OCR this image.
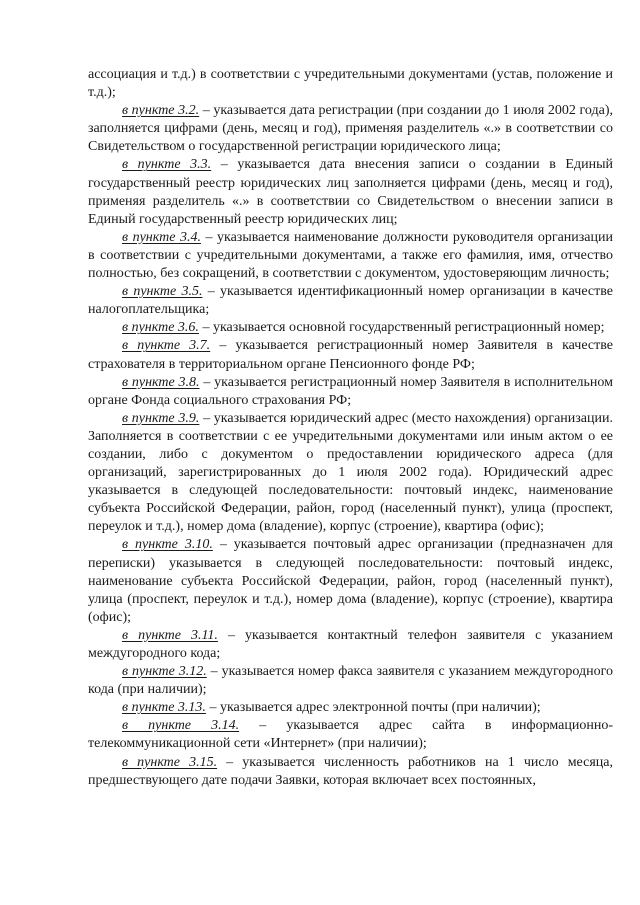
ассоциация и т.д.) в соответствии с учредительными документами (устав, положение и т.д.);

в пункте 3.2. – указывается дата регистрации (при создании до 1 июля 2002 года), заполняется цифрами (день, месяц и год), применяя разделитель «.» в соответствии со Свидетельством о государственной регистрации юридического лица;

в пункте 3.3. – указывается дата внесения записи о создании в Единый государственный реестр юридических лиц заполняется цифрами (день, месяц и год), применяя разделитель «.» в соответствии со Свидетельством о внесении записи в Единый государственный реестр юридических лиц;

в пункте 3.4. – указывается наименование должности руководителя организации в соответствии с учредительными документами, а также его фамилия, имя, отчество полностью, без сокращений, в соответствии с документом, удостоверяющим личность;

в пункте 3.5. – указывается идентификационный номер организации в качестве налогоплательщика;

в пункте 3.6. – указывается основной государственный регистрационный номер;

в пункте 3.7. – указывается регистрационный номер Заявителя в качестве страхователя в территориальном органе Пенсионного фонде РФ;

в пункте 3.8. – указывается регистрационный номер Заявителя в исполнительном органе Фонда социального страхования РФ;

в пункте 3.9. – указывается юридический адрес (место нахождения) организации. Заполняется в соответствии с ее учредительными документами или иным актом о ее создании, либо с документом о предоставлении юридического адреса (для организаций, зарегистрированных до 1 июля 2002 года). Юридический адрес указывается в следующей последовательности: почтовый индекс, наименование субъекта Российской Федерации, район, город (населенный пункт), улица (проспект, переулок и т.д.), номер дома (владение), корпус (строение), квартира (офис);

в пункте 3.10. – указывается почтовый адрес организации (предназначен для переписки) указывается в следующей последовательности: почтовый индекс, наименование субъекта Российской Федерации, район, город (населенный пункт), улица (проспект, переулок и т.д.), номер дома (владение), корпус (строение), квартира (офис);

в пункте 3.11. – указывается контактный телефон заявителя с указанием междугородного кода;

в пункте 3.12. – указывается номер факса заявителя с указанием междугородного кода (при наличии);

в пункте 3.13. – указывается адрес электронной почты (при наличии);

в пункте 3.14. – указывается адрес сайта в информационно-телекоммуникационной сети «Интернет» (при наличии);

в пункте 3.15. – указывается численность работников на 1 число месяца, предшествующего дате подачи Заявки, которая включает всех постоянных,
